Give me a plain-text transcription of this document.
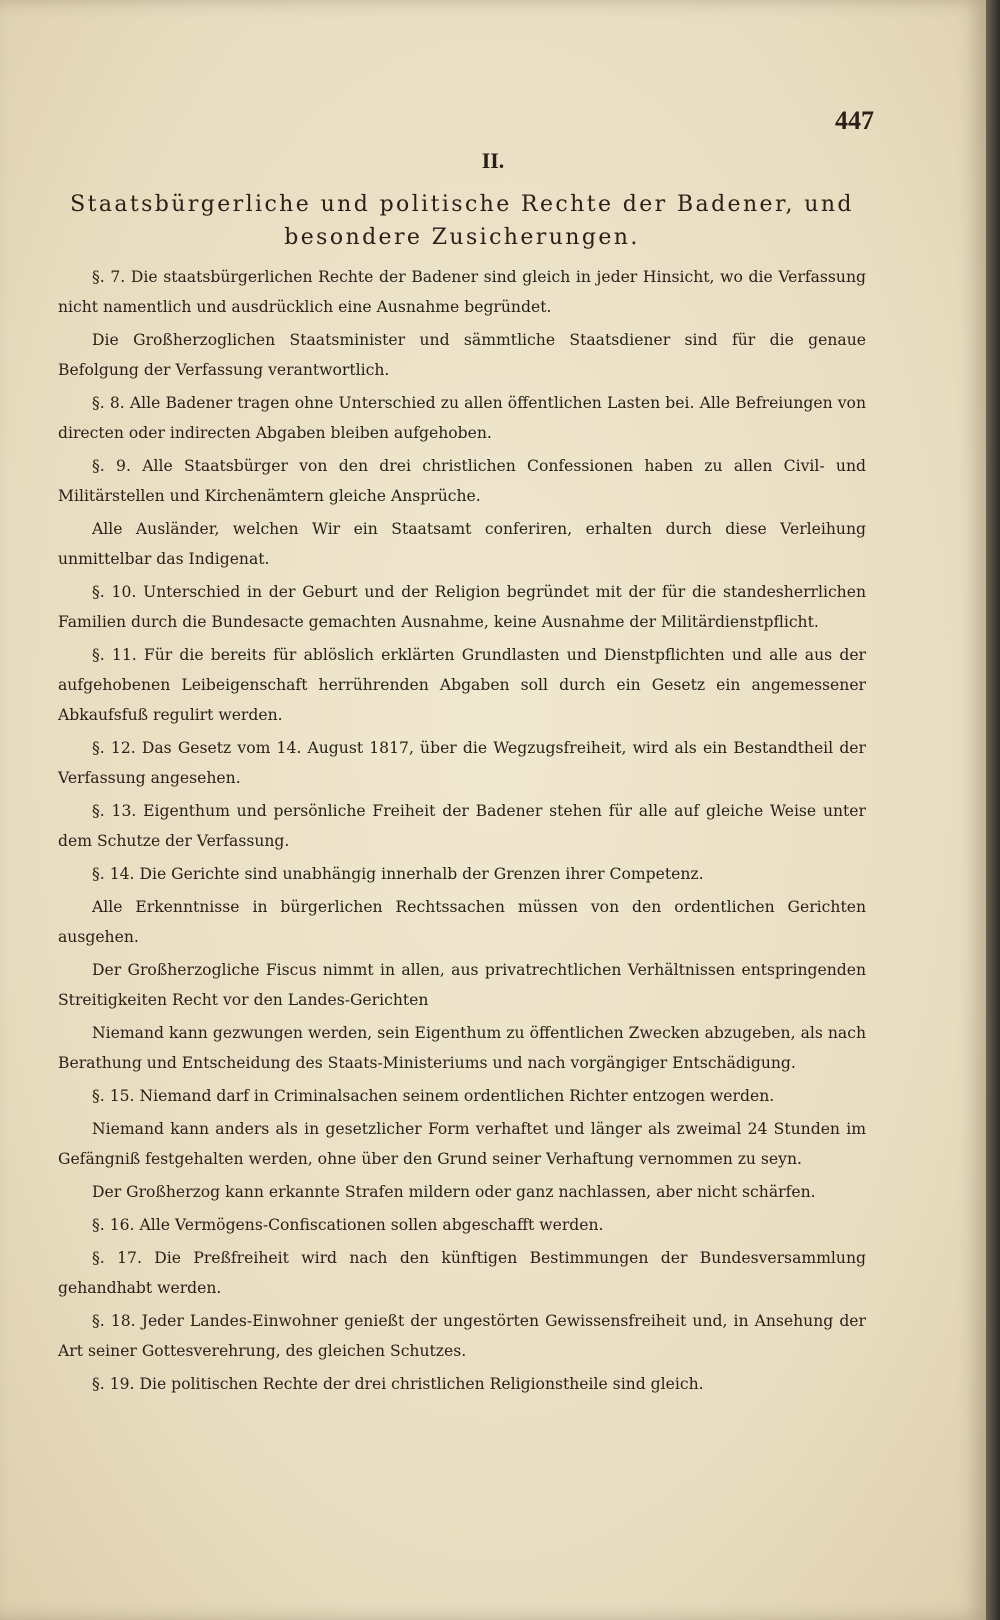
447
II.
Staatsbürgerliche und politische Rechte der Badener, und besondere Zusicherungen.

§. 7. Die staatsbürgerlichen Rechte der Badener sind gleich in jeder Hinsicht, wo die Verfassung nicht namentlich und ausdrücklich eine Ausnahme begründet.

Die Großherzoglichen Staatsminister und sämmtliche Staatsdiener sind für die genaue Befolgung der Verfassung verantwortlich.

§. 8. Alle Badener tragen ohne Unterschied zu allen öffentlichen Lasten bei. Alle Befreiungen von directen oder indirecten Abgaben bleiben aufgehoben.

§. 9. Alle Staatsbürger von den drei christlichen Confessionen haben zu allen Civil- und Militärstellen und Kirchenämtern gleiche Ansprüche.

Alle Ausländer, welchen Wir ein Staatsamt conferiren, erhalten durch diese Verleihung unmittelbar das Indigenat.

§. 10. Unterschied in der Geburt und der Religion begründet mit der für die standesherrlichen Familien durch die Bundesacte gemachten Ausnahme, keine Ausnahme der Militärdienstpflicht.

§. 11. Für die bereits für ablöslich erklärten Grundlasten und Dienstpflichten und alle aus der aufgehobenen Leibeigenschaft herrührenden Abgaben soll durch ein Gesetz ein angemessener Abkaufsfuß regulirt werden.

§. 12. Das Gesetz vom 14. August 1817, über die Wegzugsfreiheit, wird als ein Bestandtheil der Verfassung angesehen.

§. 13. Eigenthum und persönliche Freiheit der Badener stehen für alle auf gleiche Weise unter dem Schutze der Verfassung.

§. 14. Die Gerichte sind unabhängig innerhalb der Grenzen ihrer Competenz.

Alle Erkenntnisse in bürgerlichen Rechtssachen müssen von den ordentlichen Gerichten ausgehen.

Der Großherzogliche Fiscus nimmt in allen, aus privatrechtlichen Verhältnissen entspringenden Streitigkeiten Recht vor den Landes-Gerichten

Niemand kann gezwungen werden, sein Eigenthum zu öffentlichen Zwecken abzugeben, als nach Berathung und Entscheidung des Staats-Ministeriums und nach vorgängiger Entschädigung.

§. 15. Niemand darf in Criminalsachen seinem ordentlichen Richter entzogen werden.

Niemand kann anders als in gesetzlicher Form verhaftet und länger als zweimal 24 Stunden im Gefängniß festgehalten werden, ohne über den Grund seiner Verhaftung vernommen zu seyn.

Der Großherzog kann erkannte Strafen mildern oder ganz nachlassen, aber nicht schärfen.

§. 16. Alle Vermögens-Confiscationen sollen abgeschafft werden.

§. 17. Die Preßfreiheit wird nach den künftigen Bestimmungen der Bundesversammlung gehandhabt werden.

§. 18. Jeder Landes-Einwohner genießt der ungestörten Gewissensfreiheit und, in Ansehung der Art seiner Gottesverehrung, des gleichen Schutzes.

§. 19. Die politischen Rechte der drei christlichen Religionstheile sind gleich.
